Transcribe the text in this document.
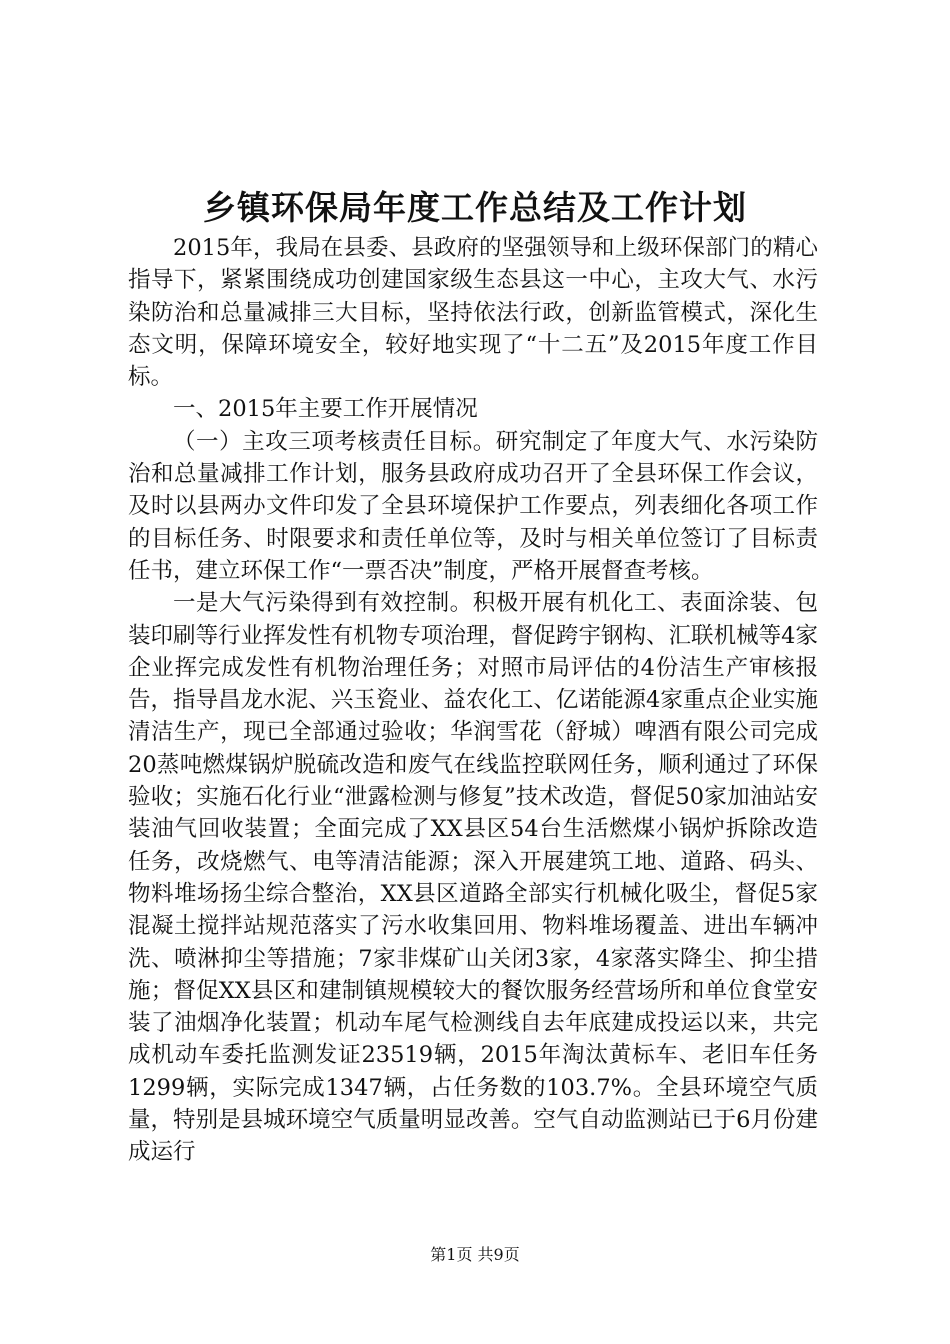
乡镇环保局年度工作总结及工作计划

2015年，我局在县委、县政府的坚强领导和上级环保部门的精心指导下，紧紧围绕成功创建国家级生态县这一中心，主攻大气、水污染防治和总量减排三大目标，坚持依法行政，创新监管模式，深化生态文明，保障环境安全，较好地实现了“十二五”及2015年度工作目标。

一、2015年主要工作开展情况

（一）主攻三项考核责任目标。研究制定了年度大气、水污染防治和总量减排工作计划，服务县政府成功召开了全县环保工作会议，及时以县两办文件印发了全县环境保护工作要点，列表细化各项工作的目标任务、时限要求和责任单位等，及时与相关单位签订了目标责任书，建立环保工作“一票否决”制度，严格开展督查考核。

一是大气污染得到有效控制。积极开展有机化工、表面涂装、包装印刷等行业挥发性有机物专项治理，督促跨宇钢构、汇联机械等4家企业挥完成发性有机物治理任务；对照市局评估的4份洁生产审核报告，指导昌龙水泥、兴玉瓷业、益农化工、亿诺能源4家重点企业实施清洁生产，现已全部通过验收；华润雪花（舒城）啤酒有限公司完成20蒸吨燃煤锅炉脱硫改造和废气在线监控联网任务，顺利通过了环保验收；实施石化行业“泄露检测与修复”技术改造，督促50家加油站安装油气回收装置；全面完成了XX县区54台生活燃煤小锅炉拆除改造任务，改烧燃气、电等清洁能源；深入开展建筑工地、道路、码头、物料堆场扬尘综合整治，XX县区道路全部实行机械化吸尘，督促5家混凝土搅拌站规范落实了污水收集回用、物料堆场覆盖、进出车辆冲洗、喷淋抑尘等措施；7家非煤矿山关闭3家，4家落实降尘、抑尘措施；督促XX县区和建制镇规模较大的餐饮服务经营场所和单位食堂安装了油烟净化装置；机动车尾气检测线自去年底建成投运以来，共完成机动车委托监测发证23519辆，2015年淘汰黄标车、老旧车任务1299辆，实际完成1347辆，占任务数的103.7%。全县环境空气质量，特别是县城环境空气质量明显改善。空气自动监测站已于6月份建成运行

第1页 共9页
